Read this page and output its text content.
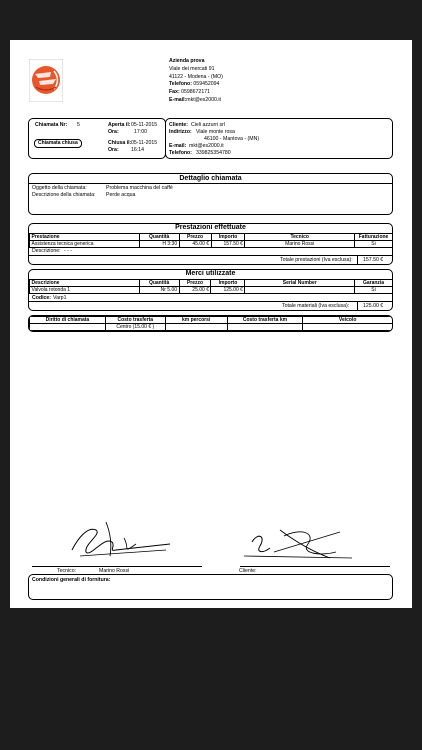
Azienda prova
Viale dei mercati 91
41122 - Modena - (MO)
Telefono: 059452094
Fax: 0598672171
E-mail:mkt@es2000.it
Chiamata Nr: 5	Aperta il: 05-11-2015
Ora:	17:00
Chiamata chiusa	Chiusa il: 05-11-2015
Ora: 16:14
Cliente: Cieli azzurri srl
Indirizzo: Viale monte rosa
46100 - Mantova - (MN)
E-mail: mkt@es2000.it
Telefono: 339825354780
Dettaglio chiamata
Oggetto della chiamata:	Problema macchina del caffè
Descrizione della chiamata: Perde acqua
Prestazioni effettuate
Prestazione	Quantità	Prezzo	Importo	Tecnico	Fatturazione
Assistenza tecnica generica	H 3:30	45.00 €	157.50 €	Marino Rossi	Si
Descrizione: - - -
Totale prestazioni (Iva esclusa): 157.50 €
Merci utilizzate
Descrizione	Quantità	Prezzo	Importo	Serial Number	Garanzia
Valvola rotonda 1	Nr 5.00	25.00 €	125.00 €		Si
Codice: Varp1
Totale materiali (Iva esclusa):	125.00 €
Diritto di chiamata	Costo trasferta	km percorsi	Costo trasferta km	Veicolo
	Centro (15.00 € )			
Tecnico:	Marino Rossi	Cliente:
Condizioni generali di fornitura:
